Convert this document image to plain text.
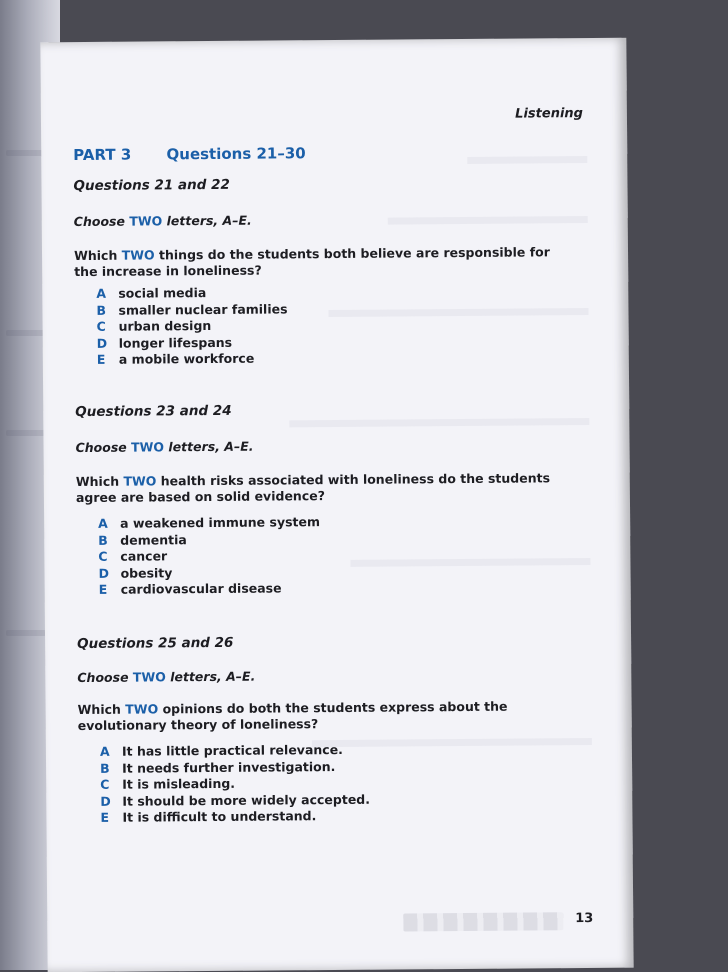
Listening
PART 3 Questions 21–30
Questions 21 and 22
Choose TWO letters, A–E.
Which TWO things do the students both believe are responsible for the increase in loneliness?
A social media
B smaller nuclear families
C	urban design
D longer lifespans
E	a mobile workforce
Questions 23 and 24
Choose TWO letters, A–E.
Which TWO health risks associated with loneliness do the students agree are based on solid evidence?
A a weakened immune system
B dementia
C	cancer
D obesity
E	cardiovascular disease
Questions 25 and 26
Choose TWO letters, A–E.
Which TWO opinions do both the students express about the evolutionary theory of loneliness?
A It has little practical relevance.
B It needs further investigation.
C	It is misleading.
D It should be more widely accepted.
E	It is difficult to understand.
13
